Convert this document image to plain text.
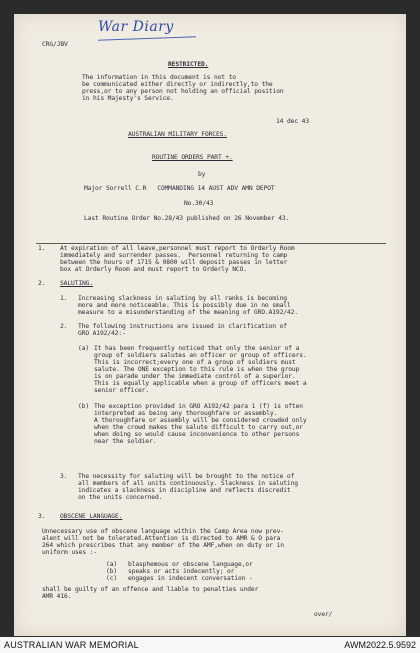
War Diary
CRG/JBV
RESTRICTED.
The information in this document is not to
be communicated either directly or indirectly,to the
press,or to any person not holding an official position
in his Majesty's Service.
14 dec 43
AUSTRALIAN MILITARY FORCES.
ROUTINE ORDERS PART +.
by
Major Sorrell C.R   COMMANDING 14 AUST ADV AMN DEPOT
No.30/43
Last Routine Order No.28/43 published on 26 November 43.
1. At expiration of all leave,personnel must report to Orderly Room
immediately and surrender passes.  Personnel returning to camp
between the hours of 1715 & 0800 will deposit passes in letter
box at Orderly Room and must report to Orderly NCO.
2. SALUTING.
1. Increasing slackness in saluting by all ranks is becoming
more and more noticeable. This is possibly due in no small
measure to a misunderstanding of the meaning of GRO.A192/42.
2. The following instructions are issued in clarification of
GRO A192/42:-
(a) It has been frequently noticed that only the senior of a
group of soldiers salutes an officer or group of officers.
This is incorrect;every one of a group of soldiers must
salute. The ONE exception to this rule is when the group
is on parade under the immediate control of a superior.
This is equally applicable when a group of officers meet a
senior officer.
(b) The exception provided in GRO A192/42 para 1 (f) is often
interpreted as being any thoroughfare or assembly.
A thoroughfare or assembly will be considered crowded only
when the crowd makes the salute difficult to carry out,or
when doing so would cause inconvenience to other persons
near the soldier.
3. The necessity for saluting will be brought to the notice of
all members of all units continuously. Slackness in saluting
indicates a slackness in discipline and reflects discredit
on the units concerned.
3. OBSCENE LANGUAGE.
Unnecessary use of obscene language within the Camp Area now prev-
alent will not be tolerated.Attention is directed to AMR & O para
264 which prescribes that any member of the AMF,when on duty or in
uniform uses :-
(a)   blasphemous or obscene language,or
(b)   speaks or acts indecently; or
(c)   engages in indecent conversation -
shall be guilty of an offence and liable to penalties under
AMR 416.
over/
AUSTRALIAN WAR MEMORIAL	AWM2022.5.9592
